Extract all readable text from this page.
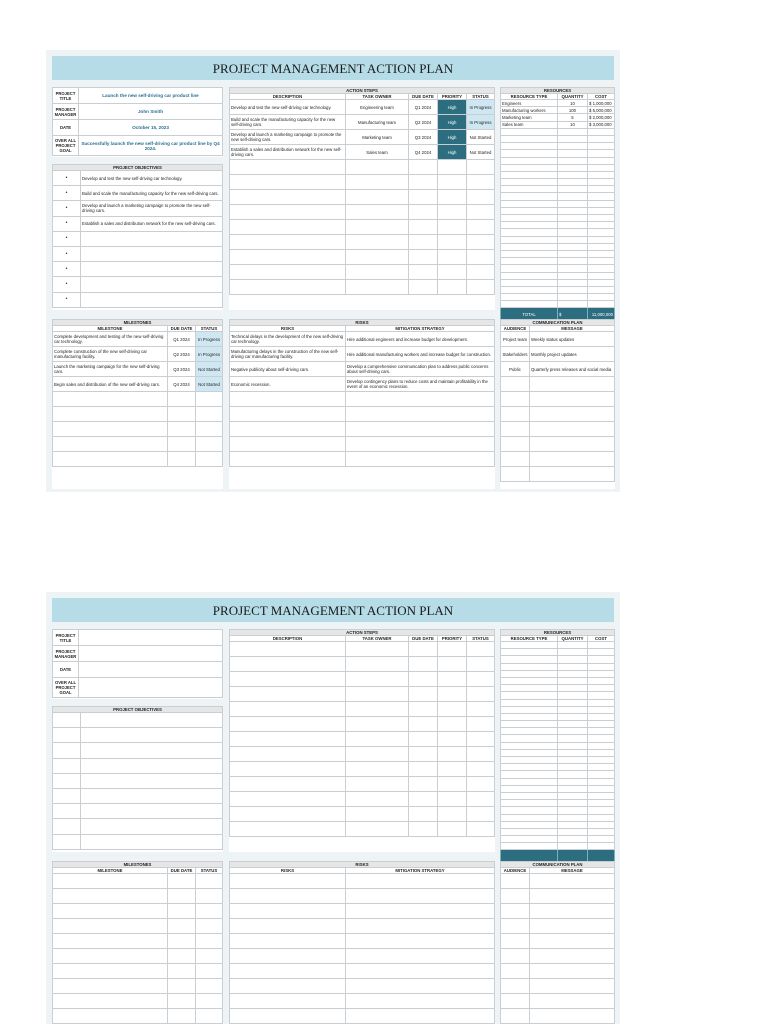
PROJECT MANAGEMENT ACTION PLAN
PROJECT TITLE	Launch the new self-driving car product line
PROJECT MANAGER	John Smith
DATE	October 15, 2023
OVER ALL PROJECT GOAL	Successfully launch the new self-driving car product line by Q4 2024.
PROJECT OBJECTIVES	
•	Develop and test the new self-driving car technology.
•	Build and scale the manufacturing capacity for the new self-driving cars.
•	Develop and launch a marketing campaign to promote the new self-driving cars.
•	Establish a sales and distribution network for the new self-driving cars.
•	
•	
•	
•	
•	
ACTION STEPS				
DESCRIPTION	TASK OWNER	DUE DATE	PRIORITY	STATUS
Develop and test the new self-driving car technology.	Engineering team	Q1 2024	High	In Progress
Build and scale the manufacturing capacity for the new self-driving cars.	Manufacturing team	Q2 2024	High	In Progress
Develop and launch a marketing campaign to promote the new self-driving cars.	Marketing team	Q3 2024	High	Not Started
Establish a sales and distribution network for the new self-driving cars.	Sales team	Q4 2024	High	Not Started

RESOURCES		
RESOURCE TYPE	QUANTITY	COST
Engineers	10	$ 1,000,000
Manufacturing workers	100	$ 5,000,000
Marketing team	5	$ 2,000,000
Sales team	10	$ 3,000,000

TOTAL	$	11,000,000
MILESTONES		
MILESTONE	DUE DATE	STATUS
Complete development and testing of the new self-driving car technology.	Q1 2024	In Progress
Complete construction of the new self-driving car manufacturing facility.	Q2 2024	In Progress
Launch the marketing campaign for the new self-driving cars.	Q3 2024	Not Started
Begin sales and distribution of the new self-driving cars.	Q4 2024	Not Started

RISKS	
RISKS	MITIGATION STRATEGY
Technical delays in the development of the new self-driving car technology.	Hire additional engineers and increase budget for development.
Manufacturing delays in the construction of the new self-driving car manufacturing facility.	Hire additional manufacturing workers and increase budget for construction.
Negative publicity about self-driving cars.	Develop a comprehensive communication plan to address public concerns about self-driving cars.
Economic recession.	Develop contingency plans to reduce costs and maintain profitability in the event of an economic recession.

COMMUNICATION PLAN	
AUDIENCE	MESSAGE
Project team	Weekly status updates
Stakeholders	Monthly project updates
Public	Quarterly press releases and social media

PROJECT MANAGEMENT ACTION PLAN
PROJECT TITLE	
PROJECT MANAGER	
DATE	
OVER ALL PROJECT GOAL	
PROJECT OBJECTIVES	

ACTION STEPS				
DESCRIPTION	TASK OWNER	DUE DATE	PRIORITY	STATUS

RESOURCES		
RESOURCE TYPE	QUANTITY	COST

MILESTONES		
MILESTONE	DUE DATE	STATUS

RISKS	
RISKS	MITIGATION STRATEGY

COMMUNICATION PLAN	
AUDIENCE	MESSAGE
